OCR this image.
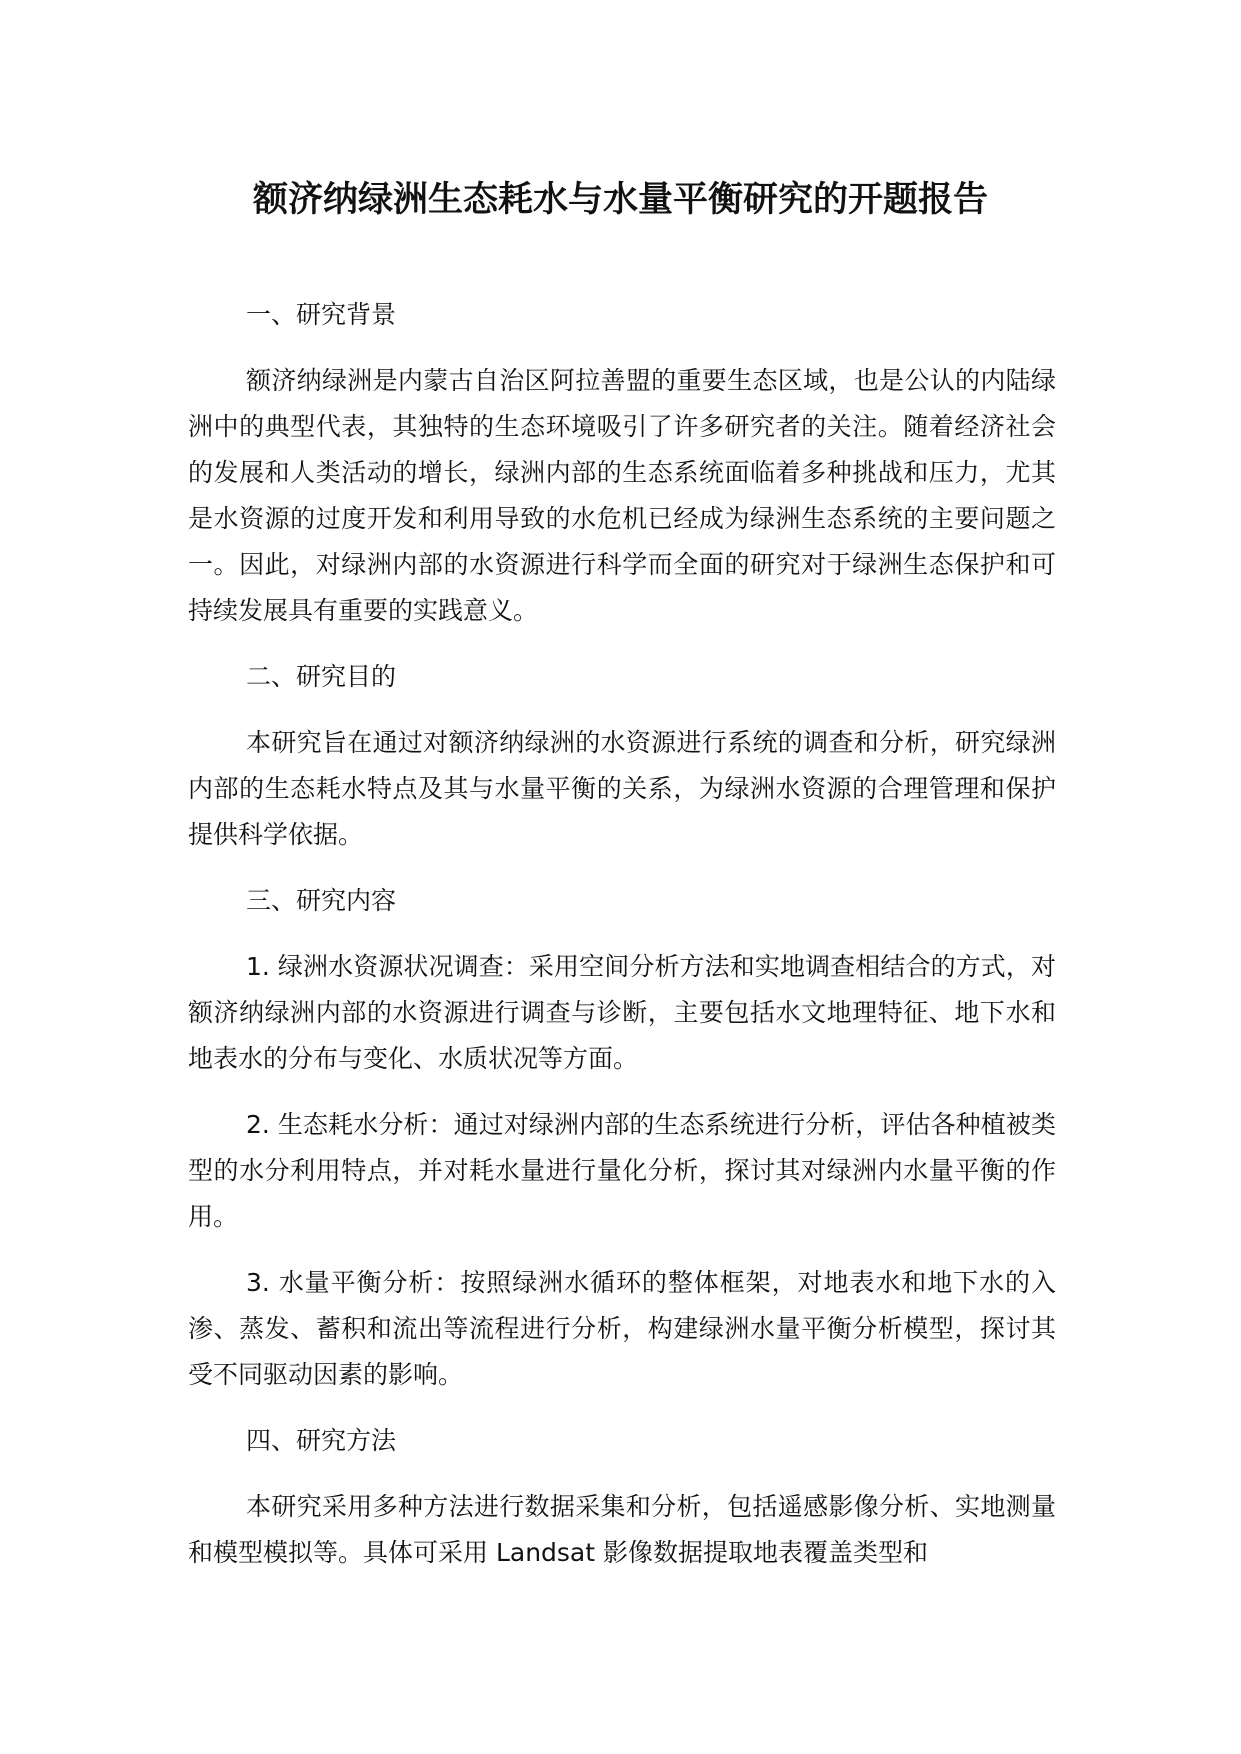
额济纳绿洲生态耗水与水量平衡研究的开题报告
一、研究背景

额济纳绿洲是内蒙古自治区阿拉善盟的重要生态区域，也是公认的内陆绿洲中的典型代表，其独特的生态环境吸引了许多研究者的关注。随着经济社会的发展和人类活动的增长，绿洲内部的生态系统面临着多种挑战和压力，尤其是水资源的过度开发和利用导致的水危机已经成为绿洲生态系统的主要问题之一。因此，对绿洲内部的水资源进行科学而全面的研究对于绿洲生态保护和可持续发展具有重要的实践意义。

二、研究目的

本研究旨在通过对额济纳绿洲的水资源进行系统的调查和分析，研究绿洲内部的生态耗水特点及其与水量平衡的关系，为绿洲水资源的合理管理和保护提供科学依据。

三、研究内容

1. 绿洲水资源状况调查：采用空间分析方法和实地调查相结合的方式，对额济纳绿洲内部的水资源进行调查与诊断，主要包括水文地理特征、地下水和地表水的分布与变化、水质状况等方面。

2. 生态耗水分析：通过对绿洲内部的生态系统进行分析，评估各种植被类型的水分利用特点，并对耗水量进行量化分析，探讨其对绿洲内水量平衡的作用。

3. 水量平衡分析：按照绿洲水循环的整体框架，对地表水和地下水的入渗、蒸发、蓄积和流出等流程进行分析，构建绿洲水量平衡分析模型，探讨其受不同驱动因素的影响。

四、研究方法

本研究采用多种方法进行数据采集和分析，包括遥感影像分析、实地测量和模型模拟等。具体可采用 Landsat 影像数据提取地表覆盖类型和
